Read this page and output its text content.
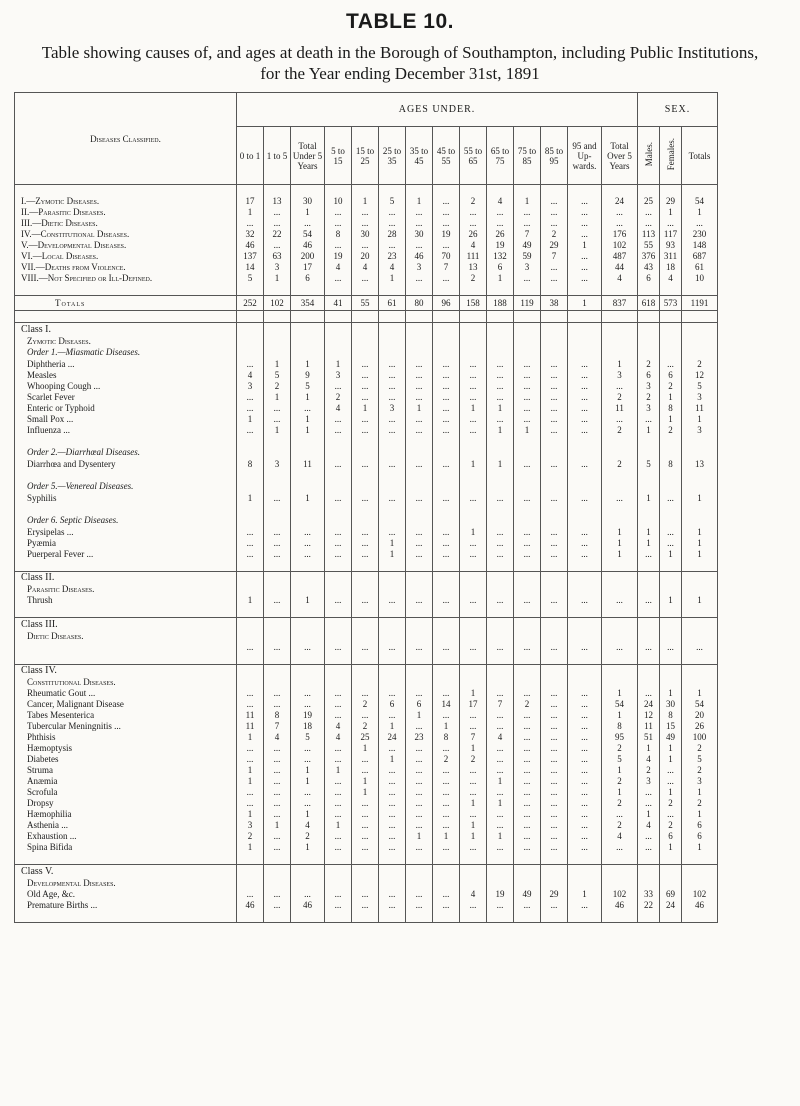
TABLE 10.
Table showing causes of, and ages at death in the Borough of Southampton, including Public Institutions, for the Year ending December 31st, 1891
Diseases Classified.	AGES UNDER.														SEX.		
	0 to 1	1 to 5	Total Under 5 Years	5 to 15	15 to 25	25 to 35	35 to 45	45 to 55	55 to 65	65 to 75	75 to 85	85 to 95	95 and Up-wards.	Total Over 5 Years	Males.	Females.	Totals

I.—Zymotic Diseases.	17	13	30	10	1	5	1	...	2	4	1	...	...	24	25	29	54
II.—Parasitic Diseases.	1	...	1	...	...	...	...	...	...	...	...	...	...	...	...	1	1
III.—Dietic Diseases.	...	...	...	...	...	...	...	...	...	...	...	...	...	...	...	...	...
IV.—Constitutional Diseases.	32	22	54	8	30	28	30	19	26	26	7	2	...	176	113	117	230
V.—Developmental Diseases.	46	...	46	...	...	...	...	...	4	19	49	29	1	102	55	93	148
VI.—Local Diseases.	137	63	200	19	20	23	46	70	111	132	59	7	...	487	376	311	687
VII.—Deaths from Violence.	14	3	17	4	4	4	3	7	13	6	3	...	...	44	43	18	61
VIII.—Not Specified or Ill-Defined.	5	1	6	...	...	1	...	...	2	1	...	...	...	4	6	4	10

Totals	252	102	354	41	55	61	80	96	158	188	119	38	1	837	618	573	1191

Class I.																	
Zymotic Diseases.																	
Order 1.—Miasmatic Diseases.																	
Diphtheria ...	...	1	1	1	...	...	...	...	...	...	...	...	...	1	2	...	2
Measles	4	5	9	3	...	...	...	...	...	...	...	...	...	3	6	6	12
Whooping Cough ...	3	2	5	...	...	...	...	...	...	...	...	...	...	...	3	2	5
Scarlet Fever	...	1	1	2	...	...	...	...	...	...	...	...	...	2	2	1	3
Enteric or Typhoid	...	...	...	4	1	3	1	...	1	1	...	...	...	11	3	8	11
Small Pox ...	1	...	1	...	...	...	...	...	...	...	...	...	...	...	...	1	1
Influenza ...	...	1	1	...	...	...	...	...	...	1	1	...	...	2	1	2	3

Order 2.—Diarrhœal Diseases.																	
Diarrhœa and Dysentery	8	3	11	...	...	...	...	...	1	1	...	...	...	2	5	8	13

Order 5.—Venereal Diseases.																	
Syphilis	1	...	1	...	...	...	...	...	...	...	...	...	...	...	1	...	1

Order 6. Septic Diseases.																	
Erysipelas ...	...	...	...	...	...	...	...	...	1	...	...	...	...	1	1	...	1
Pyæmia	...	...	...	...	...	1	...	...	...	...	...	...	...	1	1	...	1
Puerperal Fever ...	...	...	...	...	...	1	...	...	...	...	...	...	...	1	...	1	1

Class II.																	
Parasitic Diseases.																	
Thrush	1	...	1	...	...	...	...	...	...	...	...	...	...	...	...	1	1

Class III.																	
Dietic Diseases.																	
	...	...	...	...	...	...	...	...	...	...	...	...	...	...	...	...	...

Class IV.																	
Constitutional Diseases.																	
Rheumatic Gout ...	...	...	...	...	...	...	...	...	1	...	...	...	...	1	...	1	1
Cancer, Malignant Disease	...	...	...	...	2	6	6	14	17	7	2	...	...	54	24	30	54
Tabes Mesenterica	11	8	19	...	...	...	1	...	...	...	...	...	...	1	12	8	20
Tubercular Meningnitis ...	11	7	18	4	2	1	...	1	...	...	...	...	...	8	11	15	26
Phthisis	1	4	5	4	25	24	23	8	7	4	...	...	...	95	51	49	100
Hæmoptysis	...	...	...	...	1	...	...	...	1	...	...	...	...	2	1	1	2
Diabetes	...	...	...	...	...	1	...	2	2	...	...	...	...	5	4	1	5
Struma	1	...	1	1	...	...	...	...	...	...	...	...	...	1	2	...	2
Anæmia	1	...	1	...	1	...	...	...	...	1	...	...	...	2	3	...	3
Scrofula	...	...	...	...	1	...	...	...	...	...	...	...	...	1	...	1	1
Dropsy	...	...	...	...	...	...	...	...	1	1	...	...	...	2	...	2	2
Hæmophilia	1	...	1	...	...	...	...	...	...	...	...	...	...	...	1	...	1
Asthenia ...	3	1	4	1	...	...	...	...	1	...	...	...	...	2	4	2	6
Exhaustion ...	2	...	2	...	...	...	1	1	1	1	...	...	...	4	...	6	6
Spina Bifida	1	...	1	...	...	...	...	...	...	...	...	...	...	...	...	1	1

Class V.																	
Developmental Diseases.																	
Old Age, &c.	...	...	...	...	...	...	...	...	4	19	49	29	1	102	33	69	102
Premature Births ...	46	...	46	...	...	...	...	...	...	...	...	...	...	46	22	24	46
